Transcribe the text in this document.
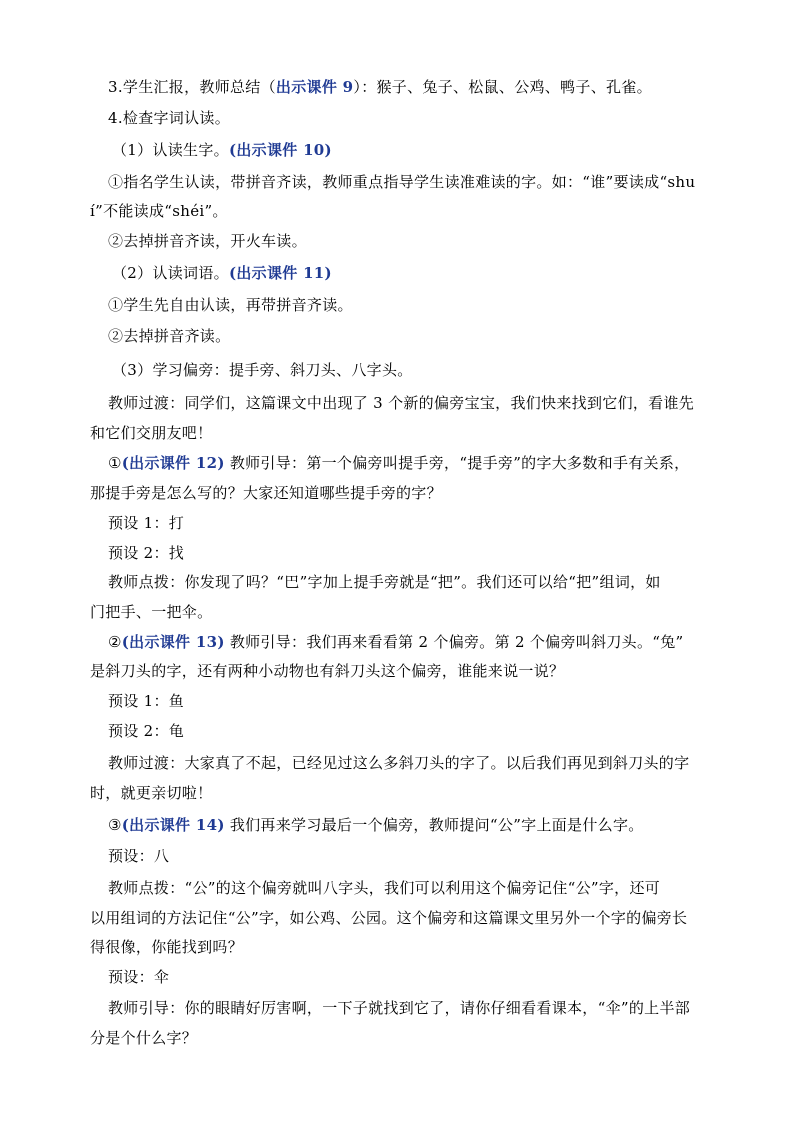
3.学生汇报，教师总结（出示课件 9）：猴子、兔子、松鼠、公鸡、鸭子、孔雀。
4.检查字词认读。
（1）认读生字。(出示课件 10)
①指名学生认读，带拼音齐读，教师重点指导学生读准难读的字。如：“谁”要读成“shu
í”不能读成“shéi”。
②去掉拼音齐读，开火车读。
（2）认读词语。(出示课件 11)
①学生先自由认读，再带拼音齐读。
②去掉拼音齐读。
（3）学习偏旁：提手旁、斜刀头、八字头。
教师过渡：同学们，这篇课文中出现了 3 个新的偏旁宝宝，我们快来找到它们，看谁先
和它们交朋友吧！
①(出示课件 12) 教师引导：第一个偏旁叫提手旁，“提手旁”的字大多数和手有关系，
那提手旁是怎么写的？大家还知道哪些提手旁的字？
预设 1：打
预设 2：找
教师点拨：你发现了吗？“巴”字加上提手旁就是“把”。我们还可以给“把”组词，如
门把手、一把伞。
②(出示课件 13) 教师引导：我们再来看看第 2 个偏旁。第 2 个偏旁叫斜刀头。“兔”
是斜刀头的字，还有两种小动物也有斜刀头这个偏旁，谁能来说一说？
预设 1：鱼
预设 2：龟
教师过渡：大家真了不起，已经见过这么多斜刀头的字了。以后我们再见到斜刀头的字
时，就更亲切啦！
③(出示课件 14) 我们再来学习最后一个偏旁，教师提问“公”字上面是什么字。
预设：八
教师点拨：“公”的这个偏旁就叫八字头，我们可以利用这个偏旁记住“公”字，还可
以用组词的方法记住“公”字，如公鸡、公园。这个偏旁和这篇课文里另外一个字的偏旁长
得很像，你能找到吗？
预设：伞
教师引导：你的眼睛好厉害啊，一下子就找到它了，请你仔细看看课本，“伞”的上半部
分是个什么字？
